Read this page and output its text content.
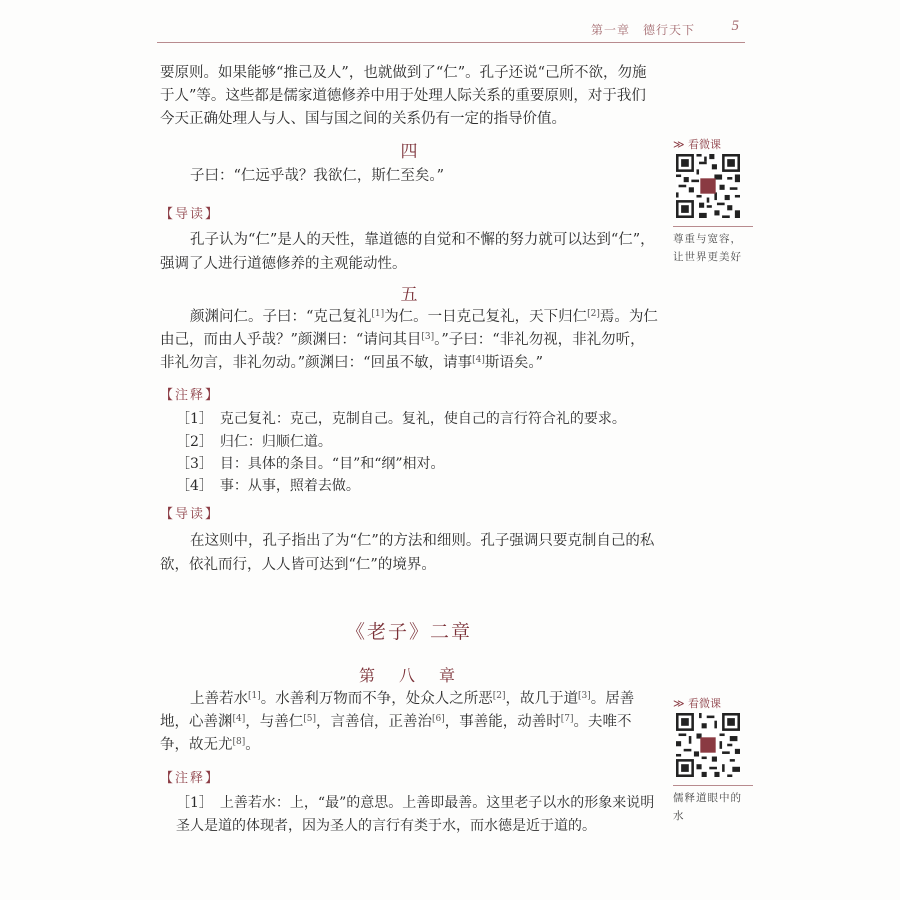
第一章　德行天下 5
要原则。如果能够“推己及人”，也就做到了“仁”。孔子还说“己所不欲，勿施于人”等。这些都是儒家道德修养中用于处理人际关系的重要原则，对于我们今天正确处理人与人、国与国之间的关系仍有一定的指导价值。
四
子曰：“仁远乎哉？我欲仁，斯仁至矣。”
【导读】
孔子认为“仁”是人的天性，靠道德的自觉和不懈的努力就可以达到“仁”，强调了人进行道德修养的主观能动性。
五
颜渊问仁。子曰：“克己复礼[1]为仁。一日克己复礼，天下归仁[2]焉。为仁由己，而由人乎哉？”颜渊曰：“请问其目[3]。”子曰：“非礼勿视，非礼勿听，非礼勿言，非礼勿动。”颜渊曰：“回虽不敏，请事[4]斯语矣。”
【注释】
［1］　克己复礼：克己，克制自己。复礼，使自己的言行符合礼的要求。
［2］　归仁：归顺仁道。
［3］　目：具体的条目。“目”和“纲”相对。
［4］　事：从事，照着去做。
【导读】
在这则中，孔子指出了为“仁”的方法和细则。孔子强调只要克制自己的私欲，依礼而行，人人皆可达到“仁”的境界。
《老子》二章
第　八　章
上善若水[1]。水善利万物而不争，处众人之所恶[2]，故几于道[3]。居善地，心善渊[4]，与善仁[5]，言善信，正善治[6]，事善能，动善时[7]。夫唯不争，故无尤[8]。
【注释】
［1］　上善若水：上，“最”的意思。上善即最善。这里老子以水的形象来说明圣人是道的体现者，因为圣人的言行有类于水，而水德是近于道的。
≫ 看微课
尊重与宽容，让世界更美好
≫ 看微课
儒释道眼中的水
